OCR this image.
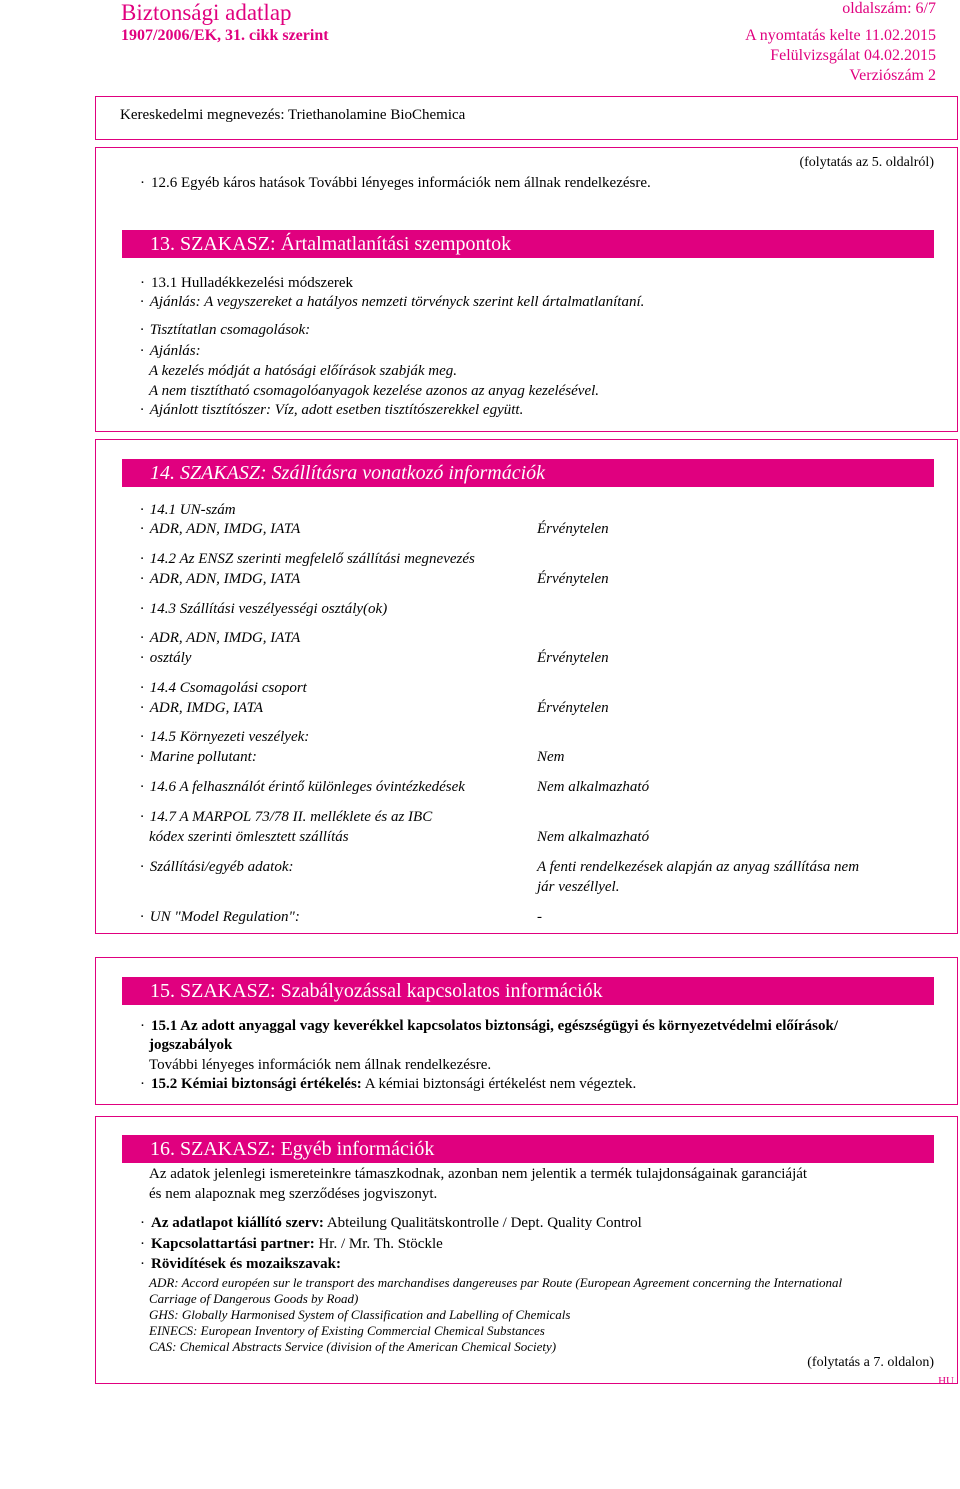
Biztonsági adatlap
1907/2006/EK, 31. cikk szerint
oldalszám: 6/7
A nyomtatás kelte 11.02.2015
Felülvizsgálat 04.02.2015
Verziószám 2
Kereskedelmi megnevezés: Triethanolamine BioChemica
(folytatás az 5. oldalról)
· 12.6 Egyéb káros hatások További lényeges információk nem állnak rendelkezésre.
13. SZAKASZ: Ártalmatlanítási szempontok
· 13.1 Hulladékkezelési módszerek
· Ajánlás: A vegyszereket a hatályos nemzeti törvényck szerint kell ártalmatlanítaní.
· Tisztítatlan csomagolások:
· Ajánlás:
A kezelés módját a hatósági előírások szabják meg.
A nem tisztítható csomagolóanyagok kezelése azonos az anyag kezelésével.
· Ajánlott tisztítószer: Víz, adott esetben tisztítószerekkel együtt.
14. SZAKASZ: Szállításra vonatkozó információk
· 14.1 UN-szám
· ADR, ADN, IMDG, IATA	Érvénytelen
· 14.2 Az ENSZ szerinti megfelelő szállítási megnevezés
· ADR, ADN, IMDG, IATA	Érvénytelen
· 14.3 Szállítási veszélyességi osztály(ok)
· ADR, ADN, IMDG, IATA
· osztály	Érvénytelen
· 14.4 Csomagolási csoport
· ADR, IMDG, IATA	Érvénytelen
· 14.5 Környezeti veszélyek:
· Marine pollutant:	Nem
· 14.6 A felhasználót érintő különleges óvintézkedések	Nem alkalmazható
· 14.7 A MARPOL 73/78 II. melléklete és az IBC
kódex szerinti ömlesztett szállítás	Nem alkalmazható
· Szállítási/egyéb adatok:	A fenti rendelkezések alapján az anyag szállítása nem
jár veszéllyel.
· UN "Model Regulation":	-
15. SZAKASZ: Szabályozással kapcsolatos információk
· 15.1 Az adott anyaggal vagy keverékkel kapcsolatos biztonsági, egészségügyi és környezetvédelmi előírások/
jogszabályok
További lényeges információk nem állnak rendelkezésre.
· 15.2 Kémiai biztonsági értékelés: A kémiai biztonsági értékelést nem végeztek.
16. SZAKASZ: Egyéb információk
Az adatok jelenlegi ismereteinkre támaszkodnak, azonban nem jelentik a termék tulajdonságainak garanciáját
és nem alapoznak meg szerződéses jogviszonyt.
· Az adatlapot kiállító szerv: Abteilung Qualitätskontrolle / Dept. Quality Control
· Kapcsolattartási partner: Hr. / Mr. Th. Stöckle
· Rövidítések és mozaikszavak:
ADR: Accord européen sur le transport des marchandises dangereuses par Route (European Agreement concerning the International
Carriage of Dangerous Goods by Road)
GHS: Globally Harmonised System of Classification and Labelling of Chemicals
EINECS: European Inventory of Existing Commercial Chemical Substances
CAS: Chemical Abstracts Service (division of the American Chemical Society)
(folytatás a 7. oldalon)
HU
